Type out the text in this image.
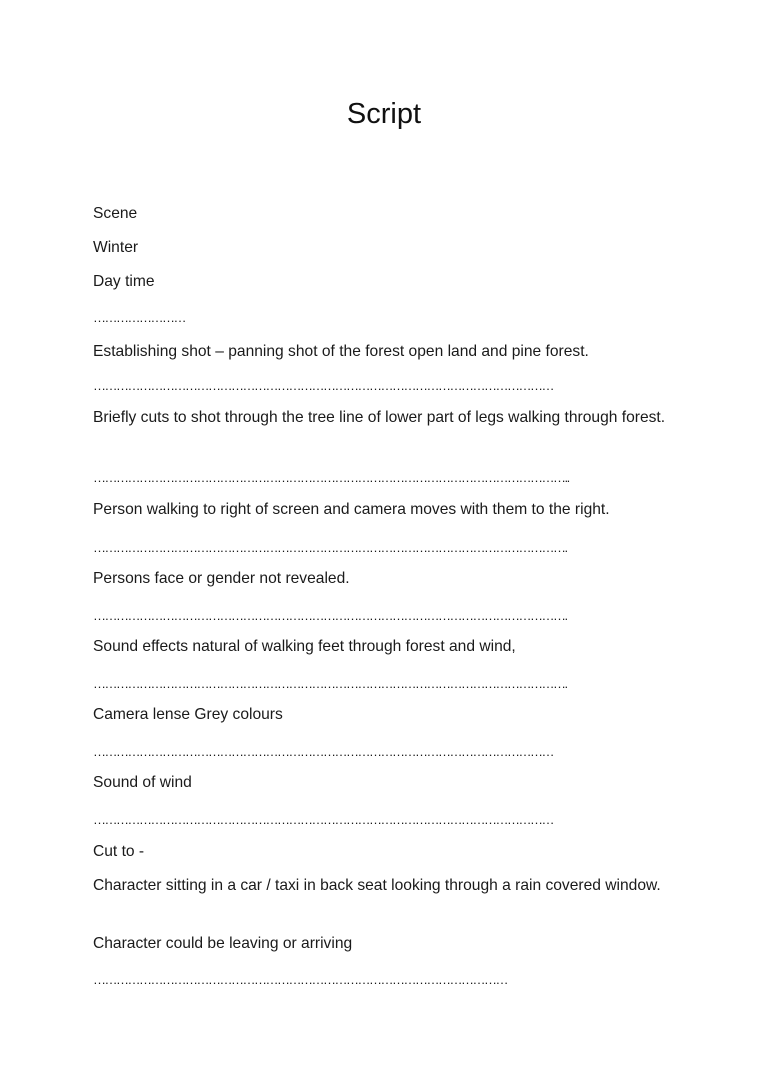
Script
Scene
Winter
Day time
……………………
Establishing shot – panning shot of the forest open land and pine forest.
…………………………………………………………………………………………………………
Briefly cuts to shot through the tree line of lower part of legs walking through forest.
……………………………………………………………………………………………………………..
Person walking to right of screen and camera moves with them to the right.
…………………………………………………………………………………………………………….
Persons face or gender not revealed.
…………………………………………………………………………………………………………….
Sound effects natural of walking feet through forest and wind,
…………………………………………………………………………………………………………….
Camera lense Grey colours
…………………………………………………………………………………………………………
Sound of wind
…………………………………………………………………………………………………………
Cut to -
Character sitting in a car / taxi in back seat looking through a rain covered window.
Character could be leaving or arriving
………………………………………………………………………………………………
